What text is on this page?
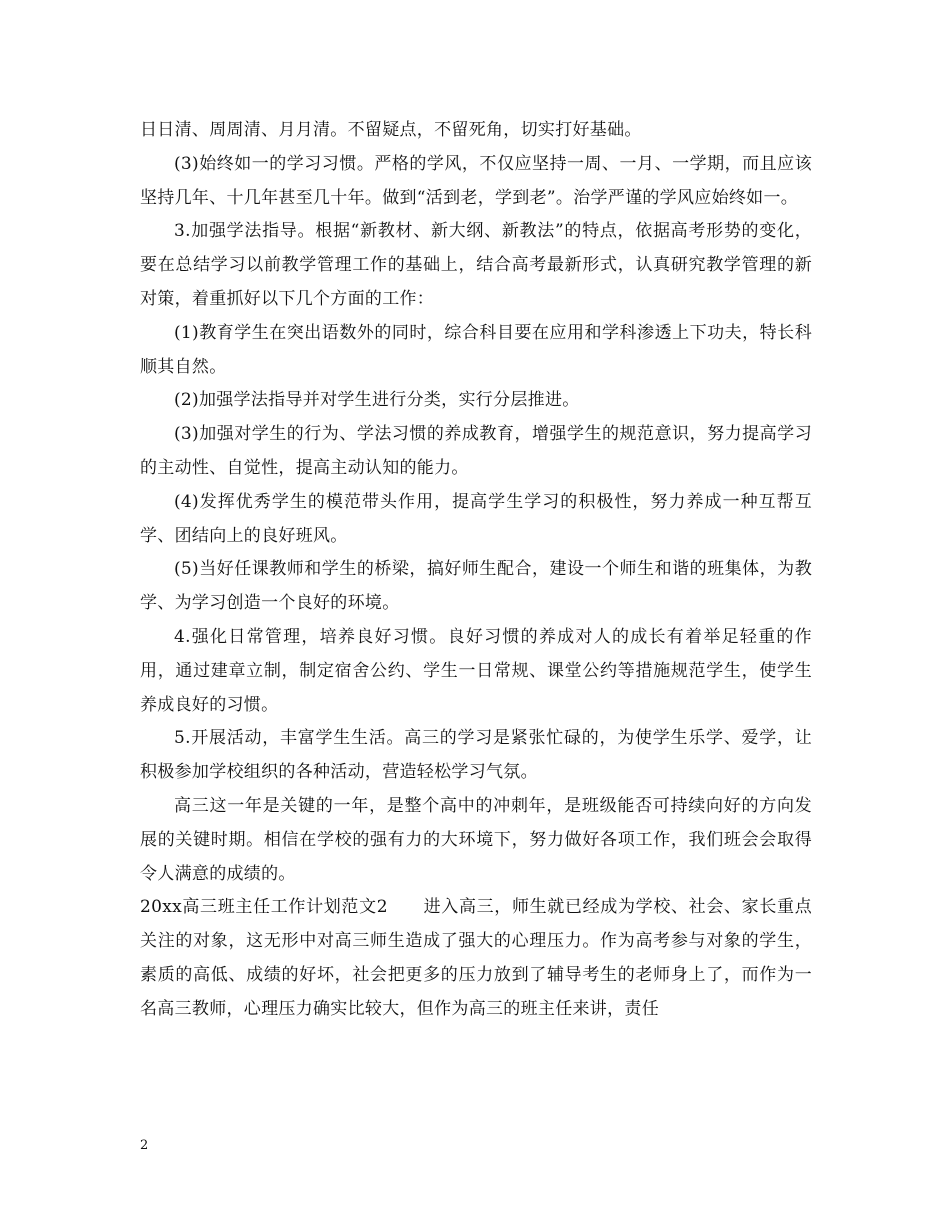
日日清、周周清、月月清。不留疑点，不留死角，切实打好基础。

(3)始终如一的学习习惯。严格的学风，不仅应坚持一周、一月、一学期，而且应该坚持几年、十几年甚至几十年。做到“活到老，学到老”。治学严谨的学风应始终如一。

3.加强学法指导。根据“新教材、新大纲、新教法”的特点，依据高考形势的变化，要在总结学习以前教学管理工作的基础上，结合高考最新形式，认真研究教学管理的新对策，着重抓好以下几个方面的工作：

(1)教育学生在突出语数外的同时，综合科目要在应用和学科渗透上下功夫，特长科顺其自然。

(2)加强学法指导并对学生进行分类，实行分层推进。

(3)加强对学生的行为、学法习惯的养成教育，增强学生的规范意识，努力提高学习的主动性、自觉性，提高主动认知的能力。

(4)发挥优秀学生的模范带头作用，提高学生学习的积极性，努力养成一种互帮互学、团结向上的良好班风。

(5)当好任课教师和学生的桥梁，搞好师生配合，建设一个师生和谐的班集体，为教学、为学习创造一个良好的环境。

4.强化日常管理，培养良好习惯。良好习惯的养成对人的成长有着举足轻重的作用，通过建章立制，制定宿舍公约、学生一日常规、课堂公约等措施规范学生，使学生养成良好的习惯。

5.开展活动，丰富学生生活。高三的学习是紧张忙碌的，为使学生乐学、爱学，让积极参加学校组织的各种活动，营造轻松学习气氛。

高三这一年是关键的一年，是整个高中的冲刺年，是班级能否可持续向好的方向发展的关键时期。相信在学校的强有力的大环境下，努力做好各项工作，我们班会会取得令人满意的成绩的。

20xx高三班主任工作计划范文2　　进入高三，师生就已经成为学校、社会、家长重点关注的对象，这无形中对高三师生造成了强大的心理压力。作为高考参与对象的学生，素质的高低、成绩的好坏，社会把更多的压力放到了辅导考生的老师身上了，而作为一名高三教师，心理压力确实比较大，但作为高三的班主任来讲，责任

2
